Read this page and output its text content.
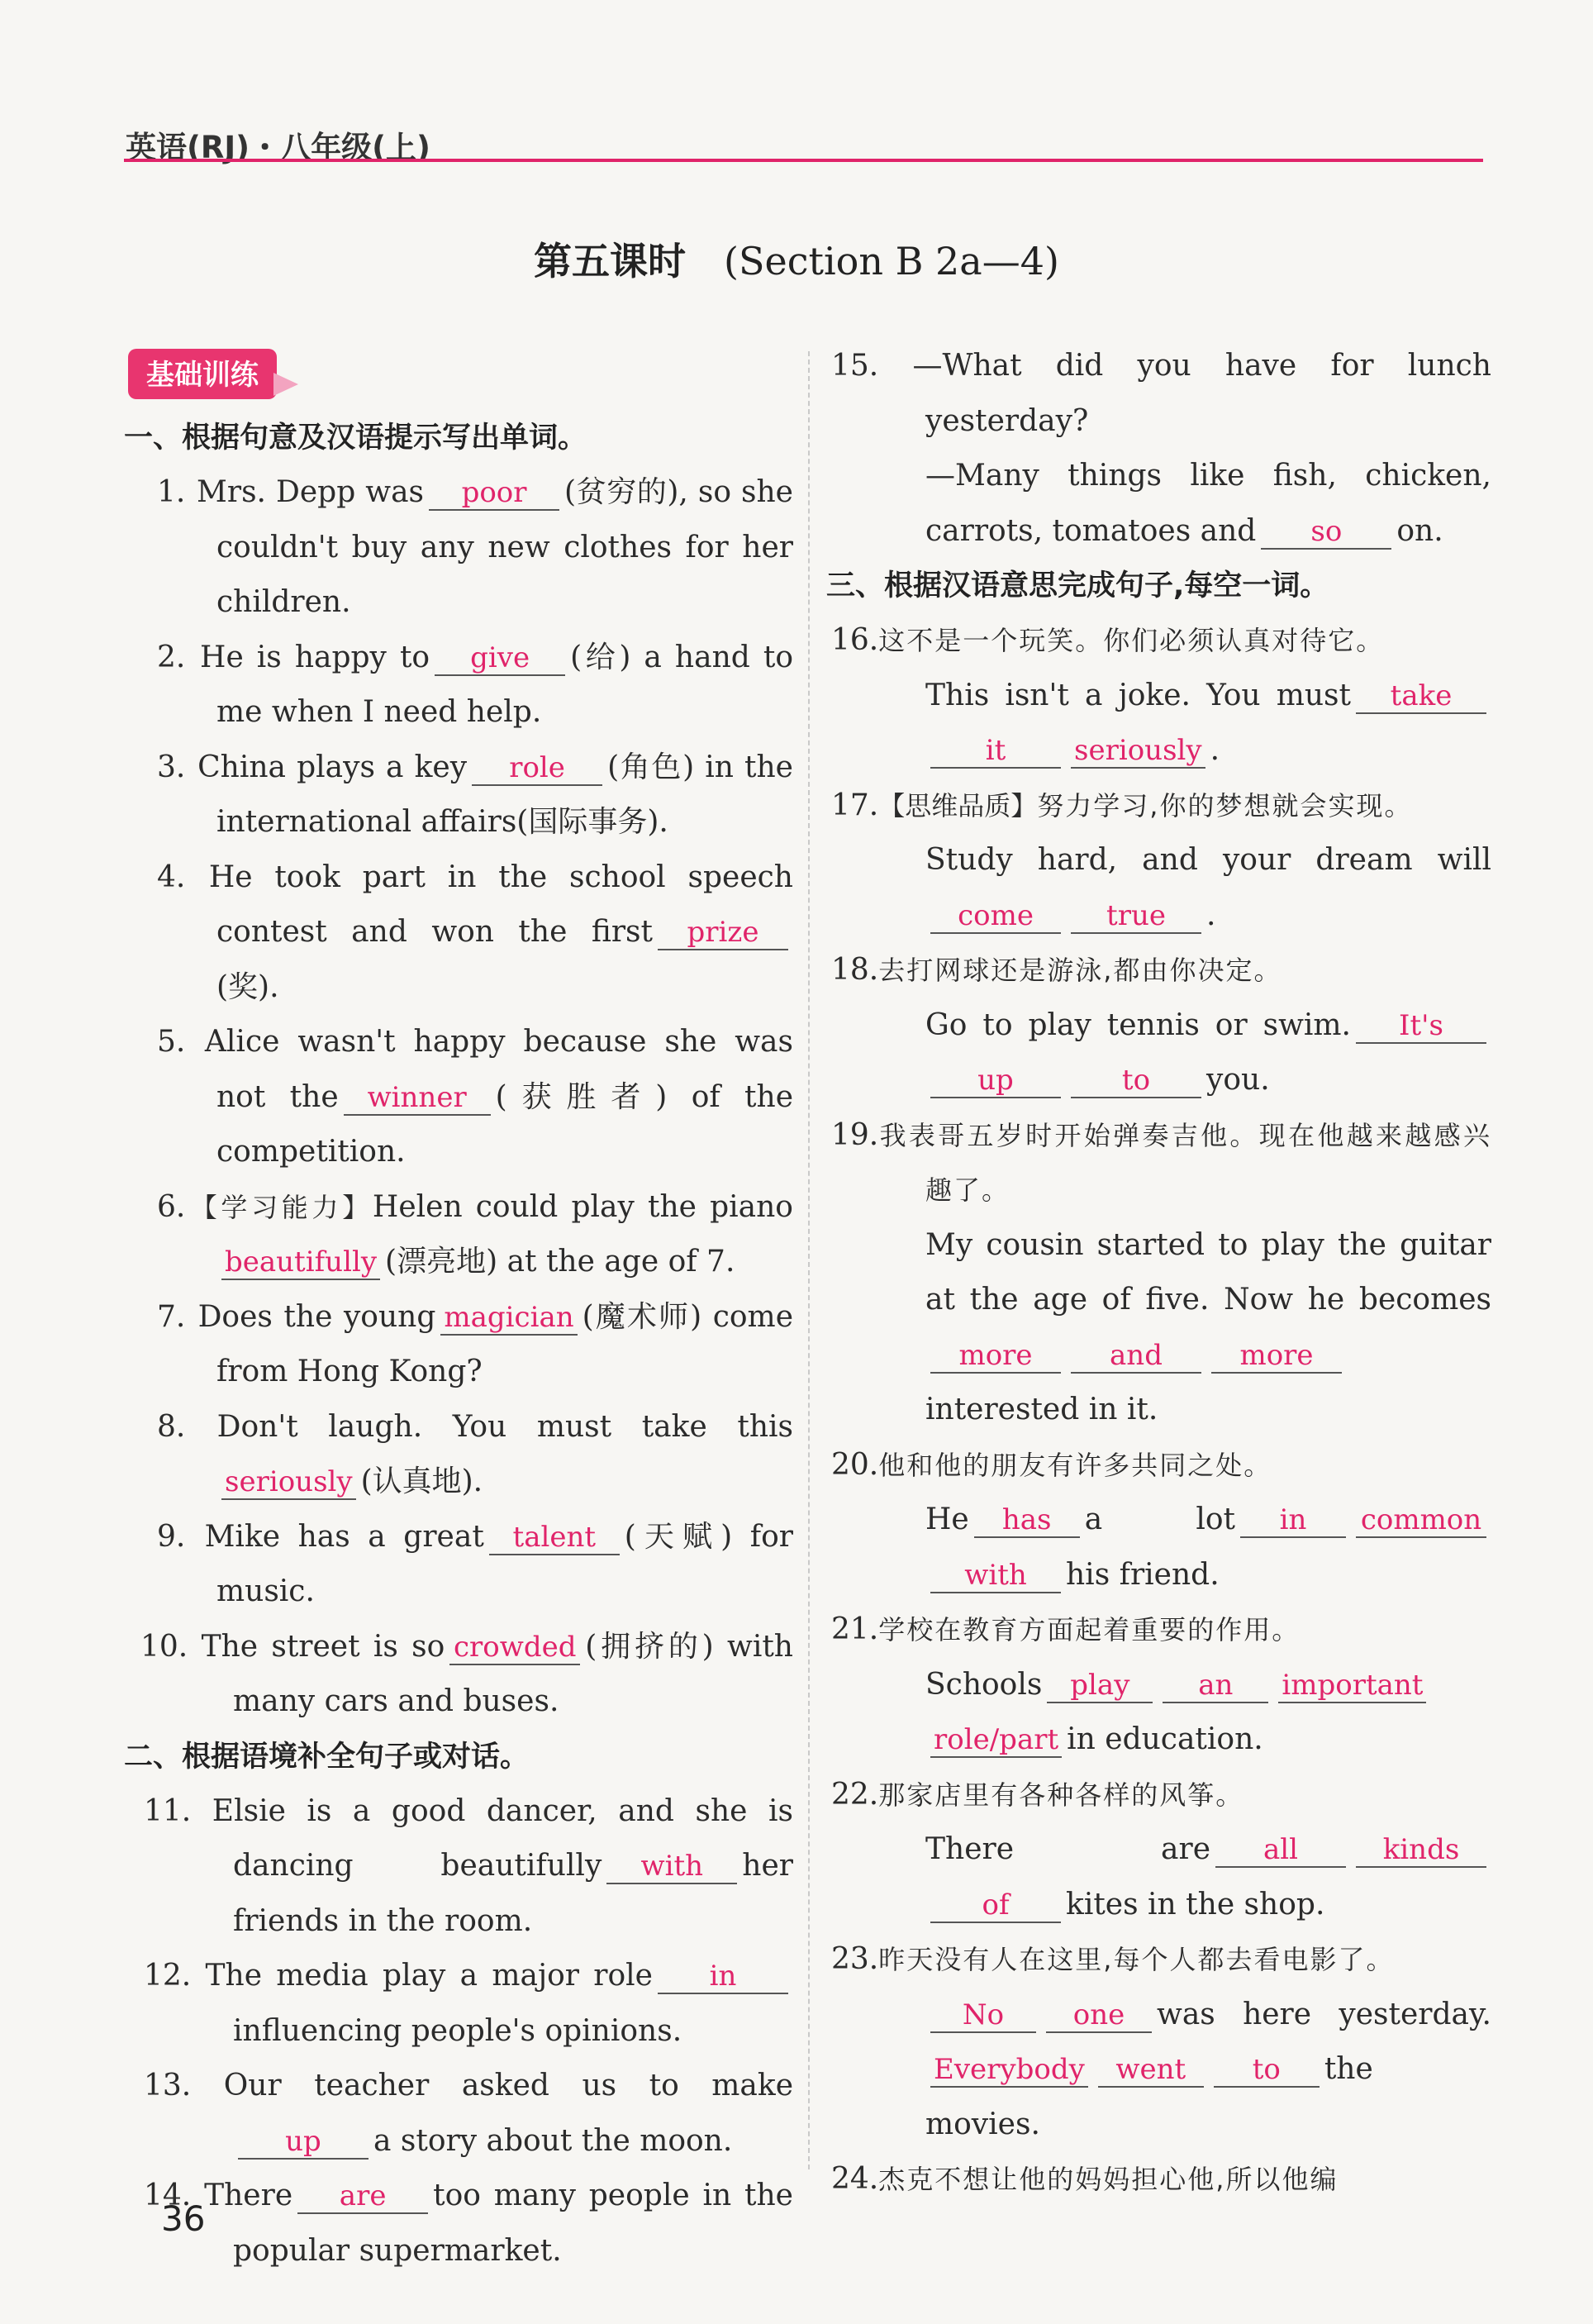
英语(RJ)・八年级(上)
第五课时 (Section B 2a—4)
基础训练
一、根据句意及汉语提示写出单词。
1. Mrs. Depp was poor (贫穷的), so she couldn't buy any new clothes for her children.
2. He is happy to give (给) a hand to me when I need help.
3. China plays a key role (角色) in the international affairs(国际事务).
4. He took part in the school speech contest and won the first prize(奖).
5. Alice wasn't happy because she was not the winner (获胜者) of the competition.
6.【学习能力】Helen could play the pianobeautifully (漂亮地) at the age of 7.
7. Does the young magician (魔术师) come from Hong Kong?
8. Don't laugh. You must take thisseriously (认真地).
9. Mike has a great talent (天赋) for music.
10. The street is so crowded (拥挤的) with many cars and buses.
二、根据语境补全句子或对话。
11. Elsie is a good dancer, and she is dancing beautifully with her friends in the room.
12. The media play a major role ininfluencing people's opinions.
13. Our teacher asked us to makeup a story about the moon.
14. There are too many people in the popular supermarket.
15. —What did you have for lunch yesterday?
—Many things like fish, chicken, carrots, tomatoes and so on.
三、根据汉语意思完成句子,每空一词。
16.这不是一个玩笑。你们必须认真对待它。
This isn't a joke. You must takeit seriously .
17.【思维品质】努力学习,你的梦想就会实现。
Study hard, and your dream willcome	true .
18.去打网球还是游泳,都由你决定。
Go to play tennis or swim. It'sup	to you.
19.我表哥五岁时开始弹奏吉他。现在他越来越感兴趣了。
My cousin started to play the guitar at the age of five. Now he becomesmore	and	moreinterested in it.
20.他和他的朋友有许多共同之处。
He has a lot in commonwith his friend.
21.学校在教育方面起着重要的作用。
Schools play an importantrole/part in education.
22.那家店里有各种各样的风筝。
There are all	kindsof kites in the shop.
23.昨天没有人在这里,每个人都去看电影了。
No one was here yesterday.Everybody went to the movies.
24.杰克不想让他的妈妈担心他,所以他编
36
